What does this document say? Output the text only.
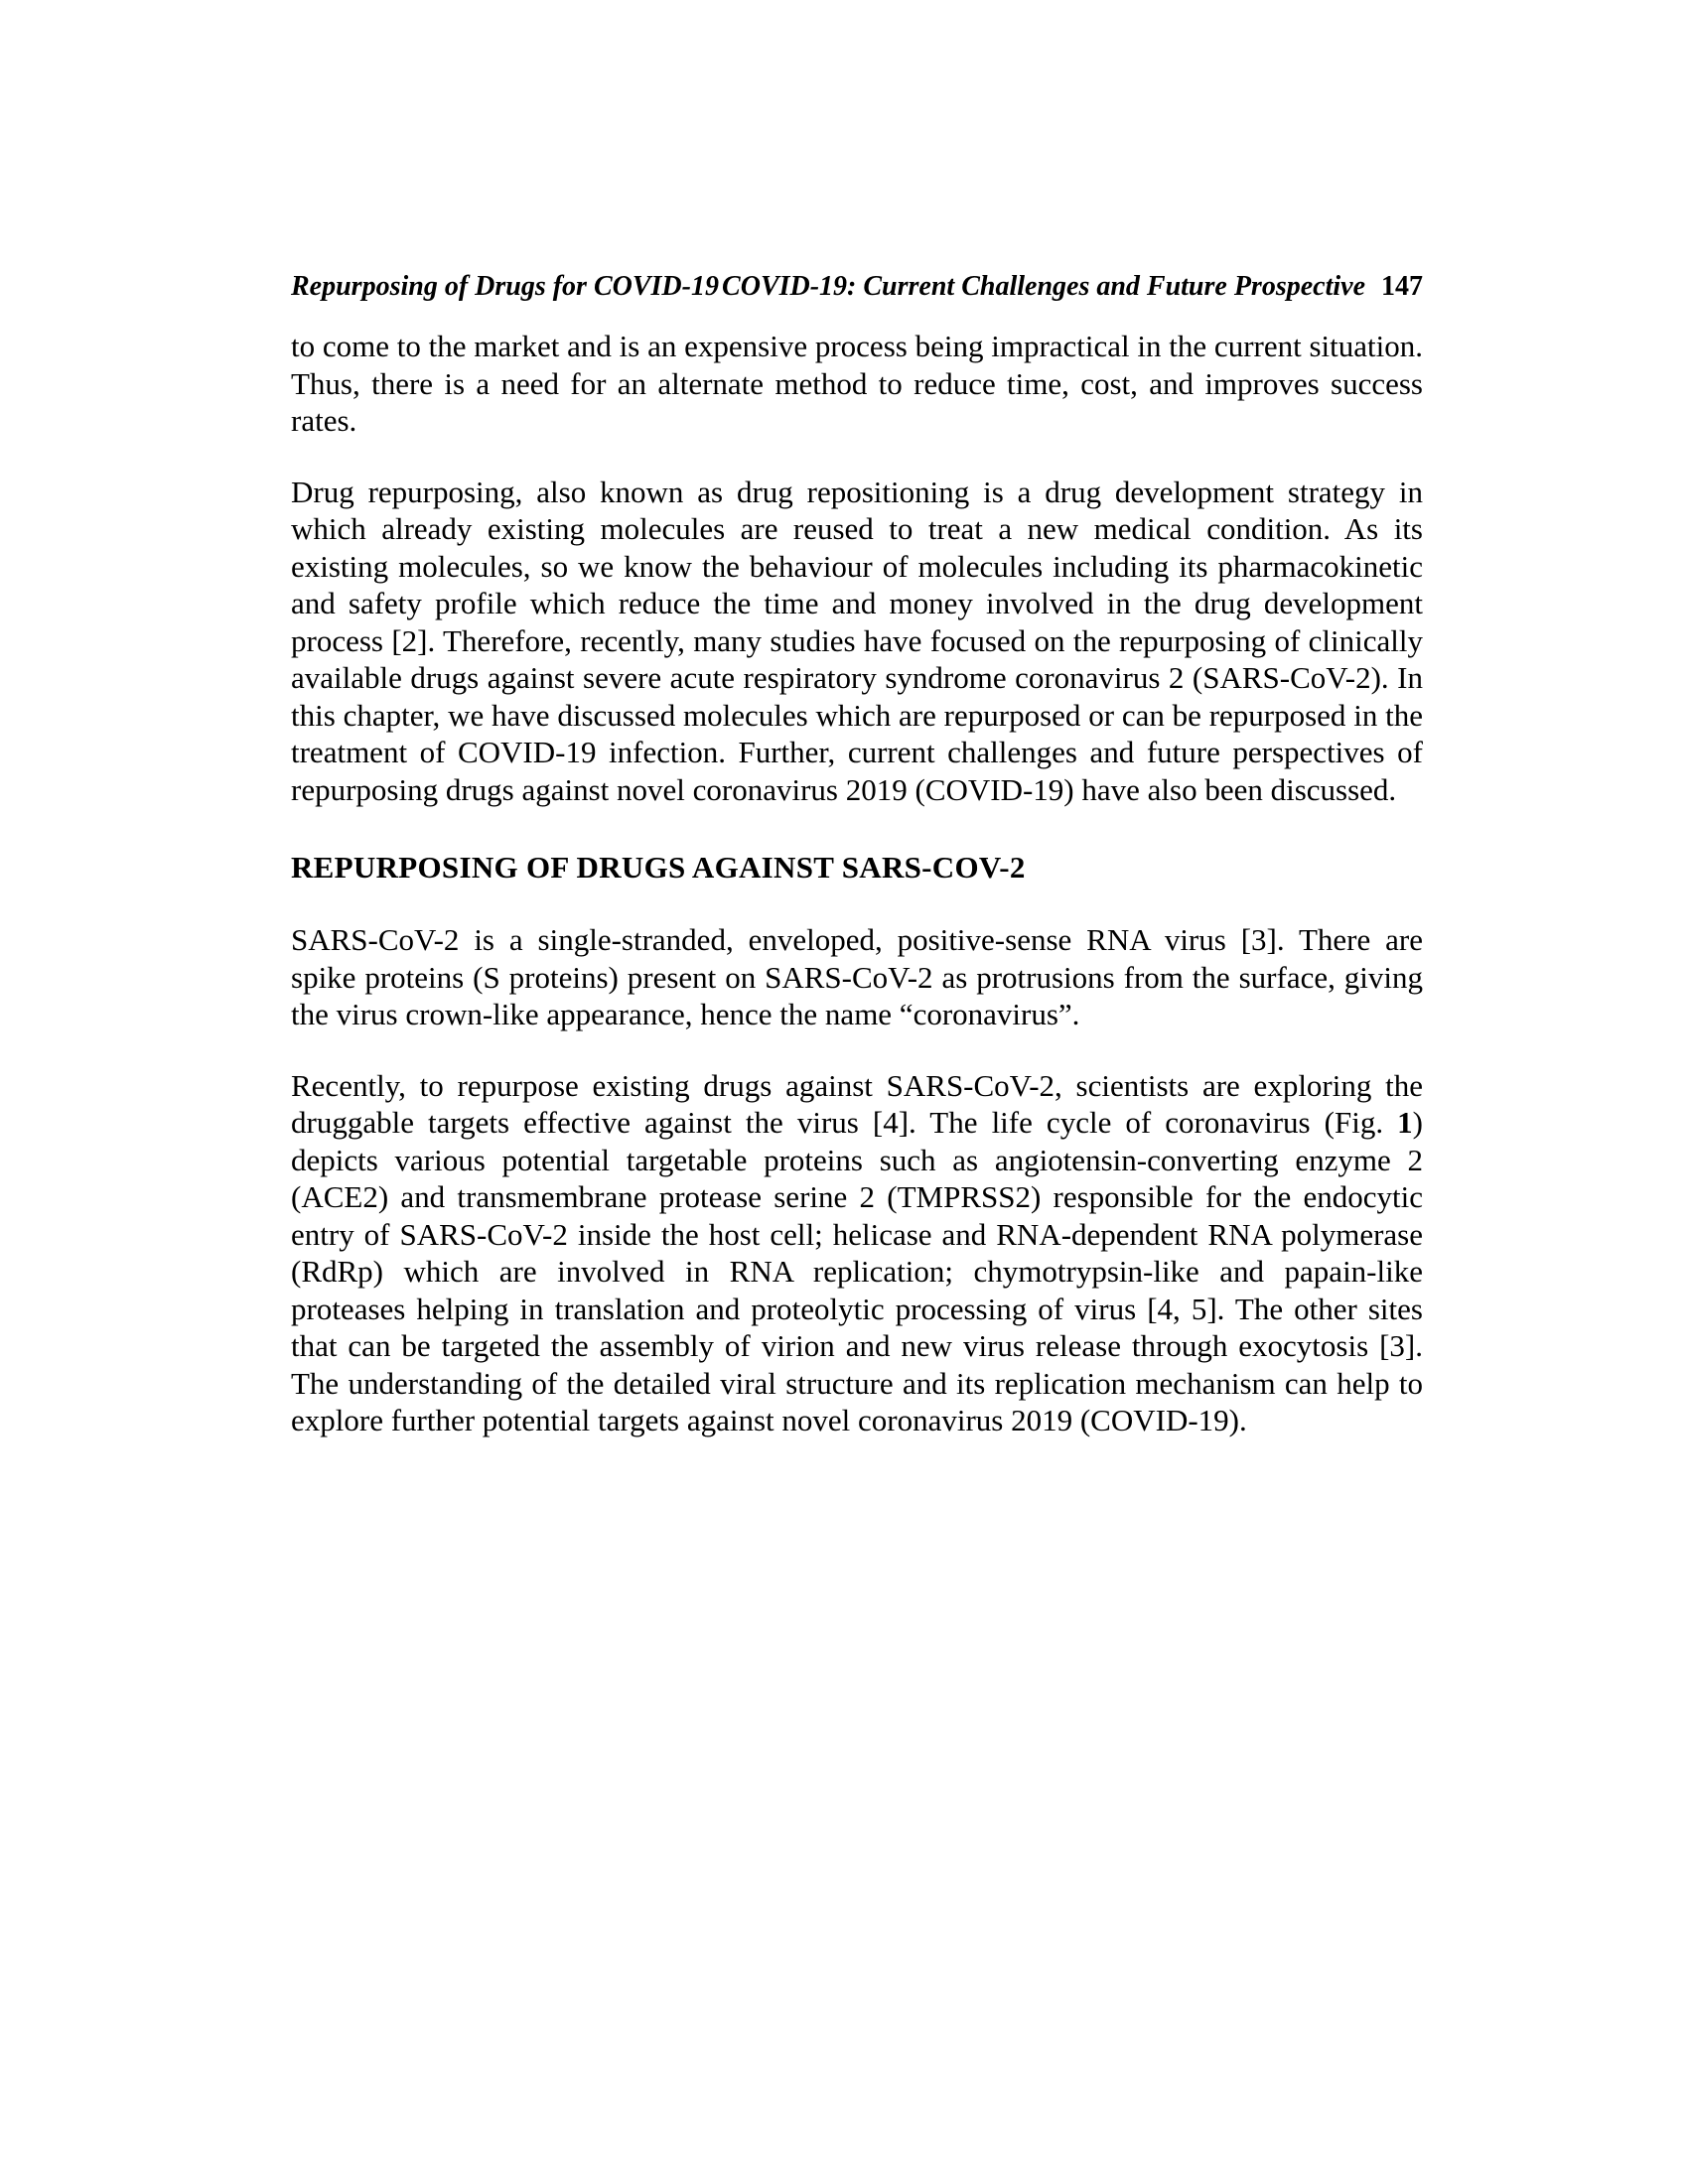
Repurposing of Drugs for COVID-19 COVID-19: Current Challenges and Future Prospective 147

to come to the market and is an expensive process being impractical in the current situation. Thus, there is a need for an alternate method to reduce time, cost, and improves success rates.

Drug repurposing, also known as drug repositioning is a drug development strategy in which already existing molecules are reused to treat a new medical condition. As its existing molecules, so we know the behaviour of molecules including its pharmacokinetic and safety profile which reduce the time and money involved in the drug development process [2]. Therefore, recently, many studies have focused on the repurposing of clinically available drugs against severe acute respiratory syndrome coronavirus 2 (SARS-CoV-2). In this chapter, we have discussed molecules which are repurposed or can be repurposed in the treatment of COVID-19 infection. Further, current challenges and future perspectives of repurposing drugs against novel coronavirus 2019 (COVID-19) have also been discussed.

REPURPOSING OF DRUGS AGAINST SARS-COV-2

SARS-CoV-2 is a single-stranded, enveloped, positive-sense RNA virus [3]. There are spike proteins (S proteins) present on SARS-CoV-2 as protrusions from the surface, giving the virus crown-like appearance, hence the name “coronavirus”.

Recently, to repurpose existing drugs against SARS-CoV-2, scientists are exploring the druggable targets effective against the virus [4]. The life cycle of coronavirus (Fig. 1) depicts various potential targetable proteins such as angiotensin-converting enzyme 2 (ACE2) and transmembrane protease serine 2 (TMPRSS2) responsible for the endocytic entry of SARS-CoV-2 inside the host cell; helicase and RNA-dependent RNA polymerase (RdRp) which are involved in RNA replication; chymotrypsin-like and papain-like proteases helping in translation and proteolytic processing of virus [4, 5]. The other sites that can be targeted the assembly of virion and new virus release through exocytosis [3]. The understanding of the detailed viral structure and its replication mechanism can help to explore further potential targets against novel coronavirus 2019 (COVID-19).
